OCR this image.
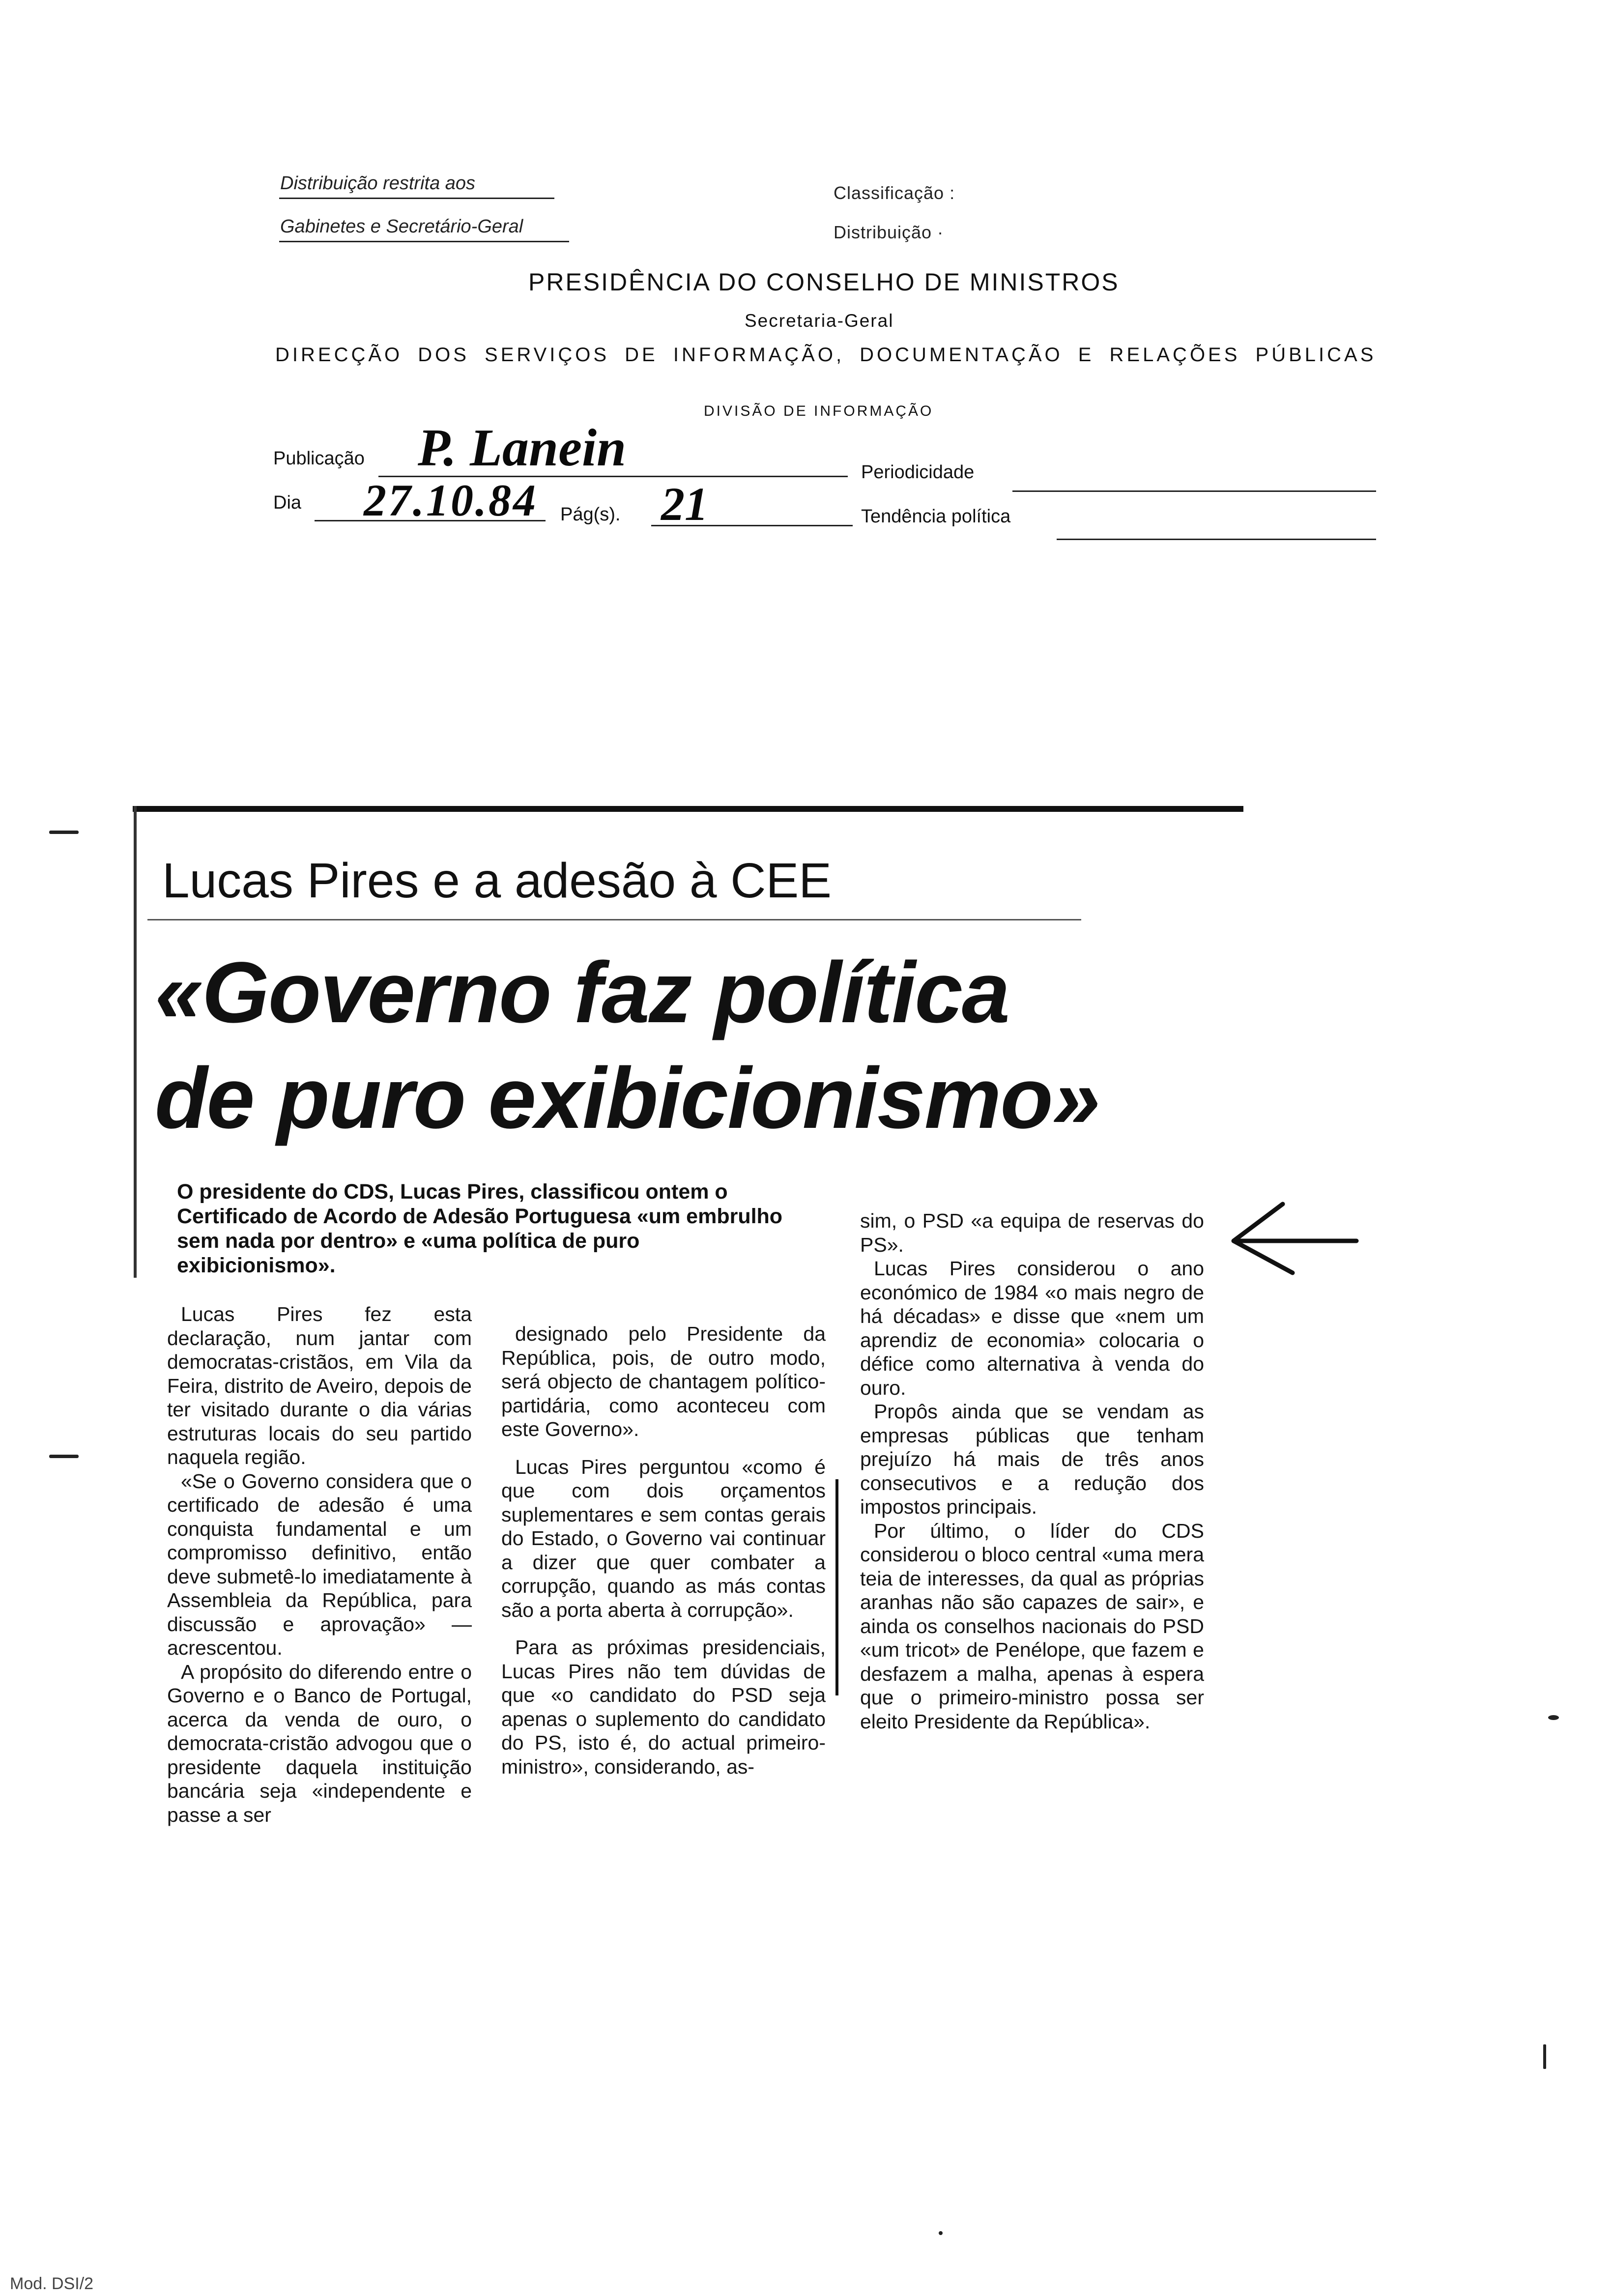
Distribuição restrita aos
Gabinetes e Secretário-Geral
Classificação :
Distribuição ·
PRESIDÊNCIA DO CONSELHO DE MINISTROS
Secretaria-Geral
DIRECÇÃO DOS SERVIÇOS DE INFORMAÇÃO, DOCUMENTAÇÃO E RELAÇÕES PÚBLICAS
DIVISÃO DE INFORMAÇÃO
Publicação P. Lanein	Periodicidade
Dia 27.10.84 Pág(s). 21	Tendência política
Lucas Pires e a adesão à CEE
«Governo faz política
de puro exibicionismo»
O presidente do CDS, Lucas Pires, classificou ontem o Certificado de Acordo de Adesão Portuguesa «um embrulho sem nada por dentro» e «uma política de puro exibicionismo».

Lucas Pires fez esta declaração, num jantar com democratas-cristãos, em Vila da Feira, distrito de Aveiro, depois de ter visitado durante o dia várias estruturas locais do seu partido naquela região.

«Se o Governo considera que o certificado de adesão é uma conquista fundamental e um compromisso definitivo, então deve submetê-lo imediatamente à Assembleia da República, para discussão e aprovação» — acrescentou.

A propósito do diferendo entre o Governo e o Banco de Portugal, acerca da venda de ouro, o democrata-cristão advogou que o presidente daquela instituição bancária seja «independente e passe a ser

designado pelo Presidente da República, pois, de outro modo, será objecto de chantagem político-partidária, como aconteceu com este Governo».

Lucas Pires perguntou «como é que com dois orçamentos suplementares e sem contas gerais do Estado, o Governo vai continuar a dizer que quer combater a corrupção, quando as más contas são a porta aberta à corrupção».

Para as próximas presidenciais, Lucas Pires não tem dúvidas de que «o candidato do PSD seja apenas o suplemento do candidato do PS, isto é, do actual primeiro-ministro», considerando, as-

sim, o PSD «a equipa de reservas do PS».

Lucas Pires considerou o ano económico de 1984 «o mais negro de há décadas» e disse que «nem um aprendiz de economia» colocaria o défice como alternativa à venda do ouro.

Propôs ainda que se vendam as empresas públicas que tenham prejuízo há mais de três anos consecutivos e a redução dos impostos principais.

Por último, o líder do CDS considerou o bloco central «uma mera teia de interesses, da qual as próprias aranhas não são capazes de sair», e ainda os conselhos nacionais do PSD «um tricot» de Penélope, que fazem e desfazem a malha, apenas à espera que o primeiro-ministro possa ser eleito Presidente da República».

Mod. DSI/2
